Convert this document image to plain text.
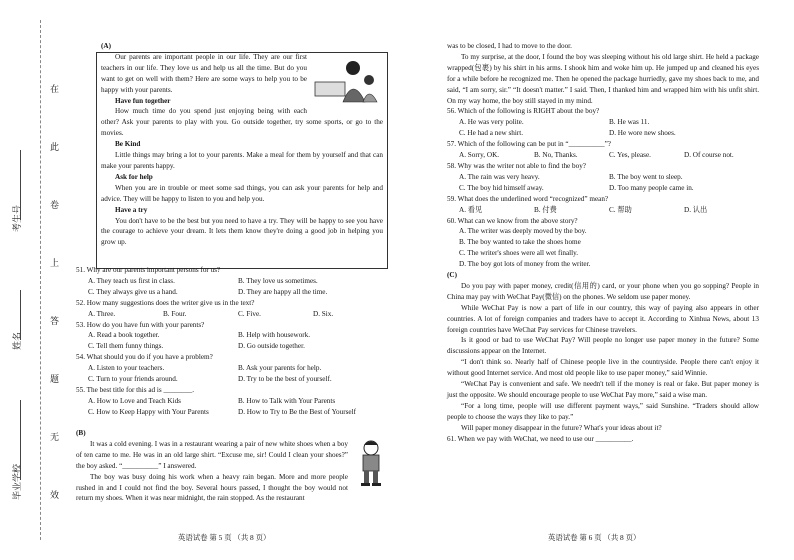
在
此
卷
上
答
题
无
效
考生号
姓名
毕业学校

(A)

Our parents are important people in our life. They are our first teachers in our life. They love us and help us all the time. But do you want to get on well with them? Here are some ways to help you to be happy with your parents.

Have fun together

How much time do you spend just enjoying being with each other? Ask your parents to play with you. Go outside together, try some sports, or go to the movies.

Be Kind

Little things may bring a lot to your parents. Make a meal for them by yourself and that can make your parents happy.

Ask for help

When you are in trouble or meet some sad things, you can ask your parents for help and advice. They will be happy to listen to you and help you.

Have a try

You don't have to be the best but you need to have a try. They will be happy to see you have the courage to achieve your dream. It lets them know they're doing a good job in helping you grow up.

51. Why are our parents important persons for us?

A. They teach us first in class.	B. They love us sometimes.
C. They always give us a hand.	D. They are happy all the time.

52. How many suggestions does the writer give us in the text?

A. Three.	B. Four.	C. Five.	D. Six.

53. How do you have fun with your parents?

A. Read a book together.	B. Help with housework.
C. Tell them funny things.	D. Go outside together.

54. What should you do if you have a problem?

A. Listen to your teachers.	B. Ask your parents for help.
C. Turn to your friends around.	D. Try to be the best of yourself.

55. The best title for this ad is ________.

A. How to Love and Teach Kids	B. How to Talk with Your Parents
C. How to Keep Happy with Your Parents	D. How to Try to Be the Best of Yourself

(B)

It was a cold evening. I was in a restaurant wearing a pair of new white shoes when a boy of ten came to me. He was in an old large shirt. “Excuse me, sir! Could I clean your shoes?” the boy asked. “__________” I answered.

The boy was busy doing his work when a heavy rain began. More and more people rushed in and I could not find the boy. Several hours passed, I thought the boy would not return my shoes. When it was near midnight, the rain stopped. As the restaurant

英语试卷 第 5 页 （共 8 页）

was to be closed, I had to move to the door.

To my surprise, at the door, I found the boy was sleeping without his old large shirt. He held a package wrapped(包裹) by his shirt in his arms. I shook him and woke him up. He jumped up and cleaned his eyes for a while before he recognized me. Then he opened the package hurriedly, gave my shoes back to me, and said, “I am sorry, sir.” “It doesn't matter.” I said. Then, I thanked him and wrapped him with his unfit shirt. On my way home, the boy still stayed in my mind.

56. Which of the following is RIGHT about the boy?

A. He was very polite.	B. He was 11.
C. He had a new shirt.	D. He wore new shoes.

57. Which of the following can be put in “__________”?

A. Sorry, OK.	B. No, Thanks.	C. Yes, please.	D. Of course not.

58. Why was the writer not able to find the boy?

A. The rain was very heavy.	B. The boy went to sleep.
C. The boy hid himself away.	D. Too many people came in.

59. What does the underlined word “recognized” mean?

A. 看见	B. 付费	C. 帮助	D. 认出

60. What can we know from the above story?

A. The writer was deeply moved by the boy.
B. The boy wanted to take the shoes home
C. The writer's shoes were all wet finally.
D. The boy got lots of money from the writer.

(C)

Do you pay with paper money, credit(信用的) card, or your phone when you go sopping? People in China may pay with WeChat Pay(微信) on the phones. We seldom use paper money.

While WeChat Pay is now a part of life in our country, this way of paying also appears in other countries. A lot of foreign companies and traders have to accept it. According to Xinhua News, about 13 foreign countries have WeChat Pay services for Chinese travelers.

Is it good or bad to use WeChat Pay? Will people no longer use paper money in the future? Some discussions appear on the Internet.

“I don't think so. Nearly half of Chinese people live in the countryside. People there can't enjoy it without good Internet service. And most old people like to use paper money,” said Winnie.

“WeChat Pay is convenient and safe. We needn't tell if the money is real or fake. But paper money is just the opposite. We should encourage people to use WeChat Pay more,” said a wise man.

“For a long time, people will use different payment ways,” said Sunshine. “Traders should allow people to choose the ways they like to pay.”

Will paper money disappear in the future? What's your ideas about it?

61. When we pay with WeChat, we need to use our __________.

英语试卷 第 6 页 （共 8 页）
